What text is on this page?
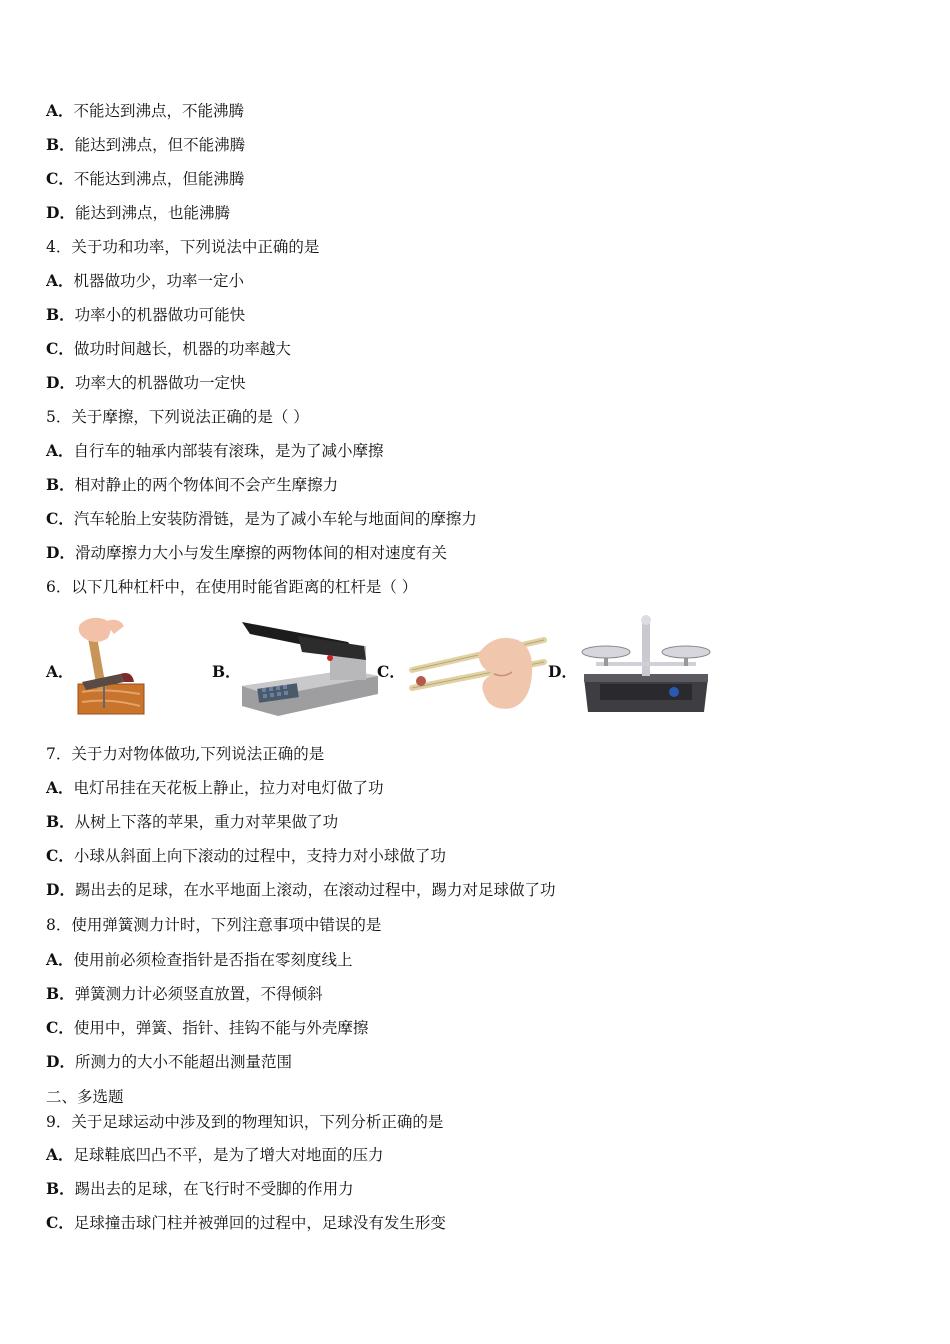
A．不能达到沸点，不能沸腾
B．能达到沸点，但不能沸腾
C．不能达到沸点，但能沸腾
D．能达到沸点，也能沸腾
4．关于功和功率，下列说法中正确的是
A．机器做功少，功率一定小
B．功率小的机器做功可能快
C．做功时间越长，机器的功率越大
D．功率大的机器做功一定快
5．关于摩擦，下列说法正确的是（ ）
A．自行车的轴承内部装有滚珠，是为了减小摩擦
B．相对静止的两个物体间不会产生摩擦力
C．汽车轮胎上安装防滑链，是为了减小车轮与地面间的摩擦力
D．滑动摩擦力大小与发生摩擦的两物体间的相对速度有关
6．以下几种杠杆中，在使用时能省距离的杠杆是（ ）
A．	B．	C．	D．
7．关于力对物体做功,下列说法正确的是
A．电灯吊挂在天花板上静止，拉力对电灯做了功
B．从树上下落的苹果，重力对苹果做了功
C．小球从斜面上向下滚动的过程中，支持力对小球做了功
D．踢出去的足球，在水平地面上滚动，在滚动过程中，踢力对足球做了功
8．使用弹簧测力计时，下列注意事项中错误的是
A．使用前必须检查指针是否指在零刻度线上
B．弹簧测力计必须竖直放置，不得倾斜
C．使用中，弹簧、指针、挂钩不能与外壳摩擦
D．所测力的大小不能超出测量范围
二、多选题
9．关于足球运动中涉及到的物理知识，下列分析正确的是
A．足球鞋底凹凸不平，是为了增大对地面的压力
B．踢出去的足球，在飞行时不受脚的作用力
C．足球撞击球门柱并被弹回的过程中，足球没有发生形变
